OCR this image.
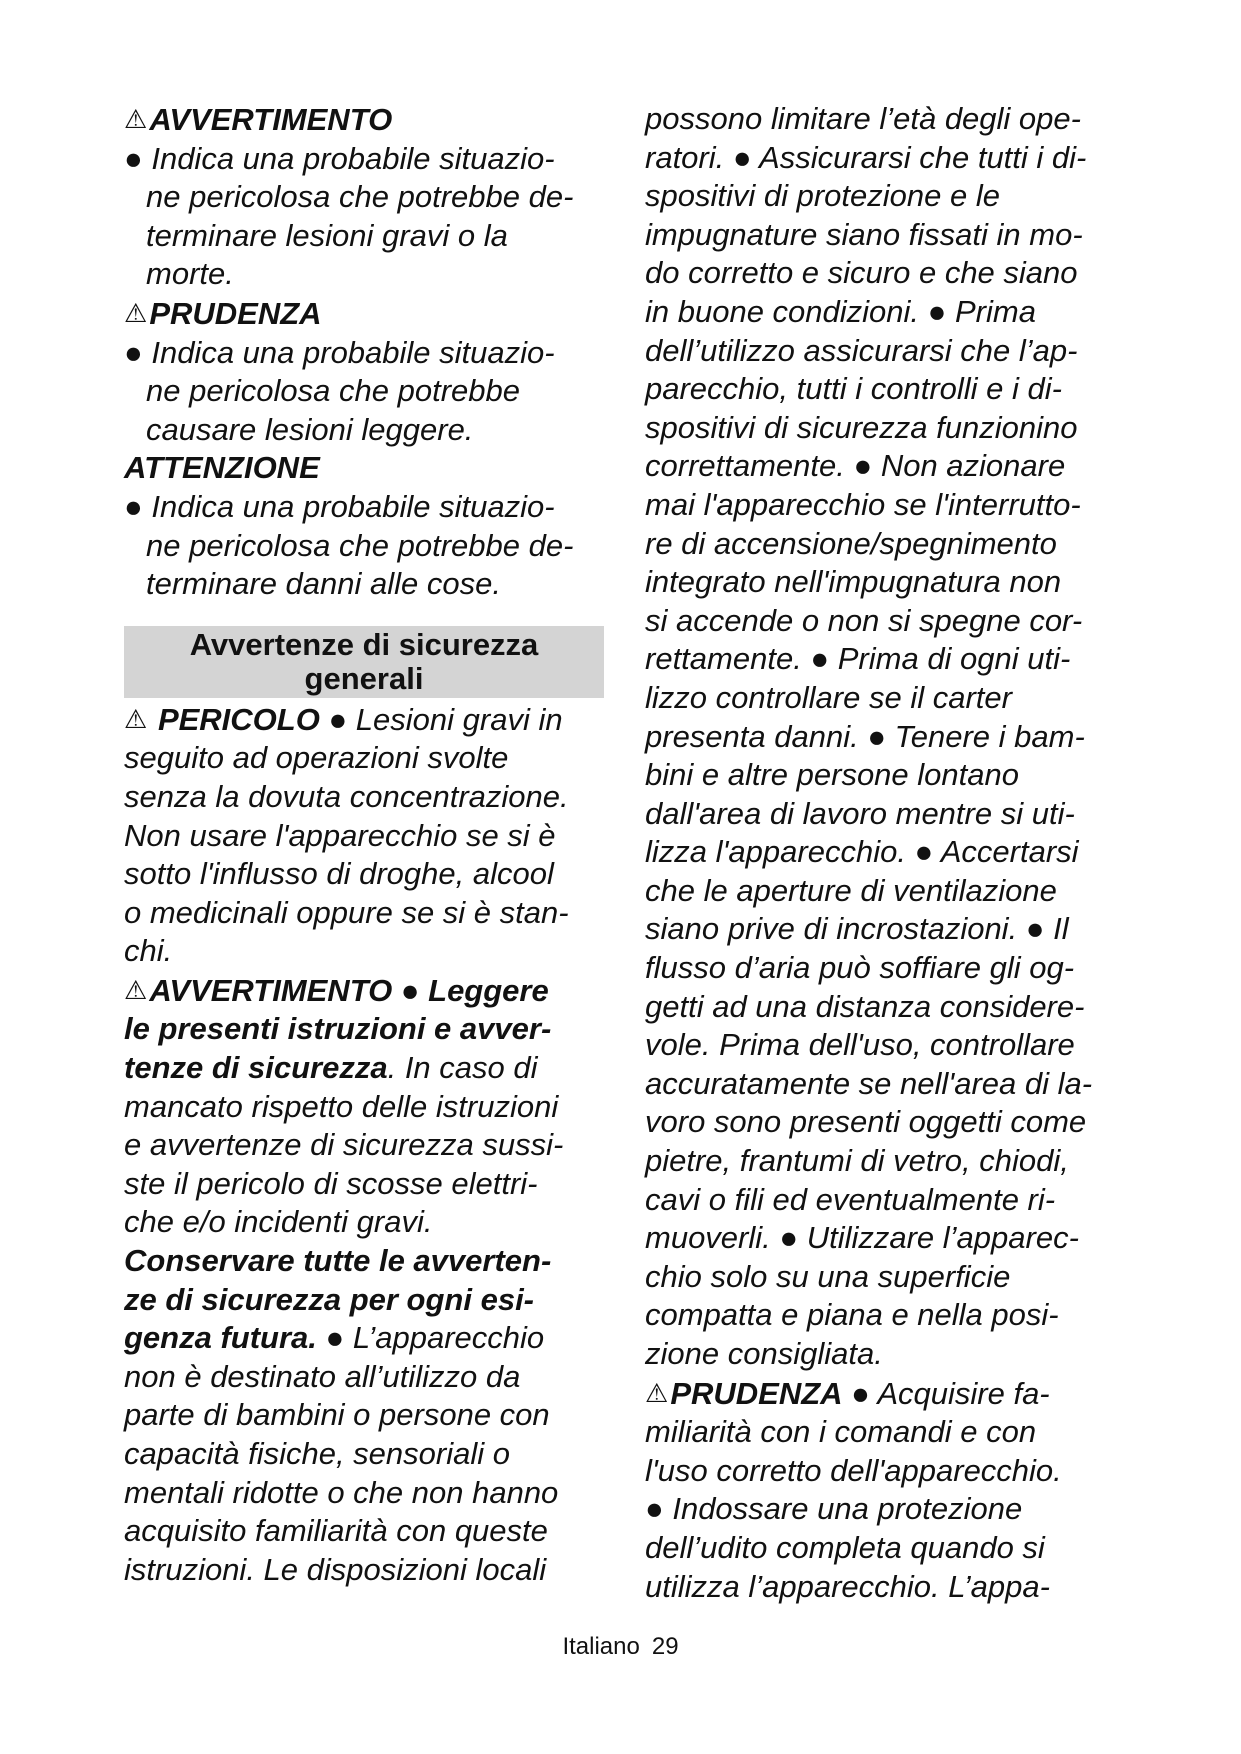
⚠AVVERTIMENTO
● Indica una probabile situazio-
ne pericolosa che potrebbe de-
terminare lesioni gravi o la
morte.
⚠PRUDENZA
● Indica una probabile situazio-
ne pericolosa che potrebbe
causare lesioni leggere.
ATTENZIONE
● Indica una probabile situazio-
ne pericolosa che potrebbe de-
terminare danni alle cose.
Avvertenze di sicurezza
generali
⚠ PERICOLO ● Lesioni gravi in
seguito ad operazioni svolte
senza la dovuta concentrazione.
Non usare l'apparecchio se si è
sotto l'influsso di droghe, alcool
o medicinali oppure se si è stan-
chi.
⚠AVVERTIMENTO ● Leggere
le presenti istruzioni e avver-
tenze di sicurezza. In caso di
mancato rispetto delle istruzioni
e avvertenze di sicurezza sussi-
ste il pericolo di scosse elettri-
che e/o incidenti gravi.
Conservare tutte le avverten-
ze di sicurezza per ogni esi-
genza futura. ● L’apparecchio
non è destinato all’utilizzo da
parte di bambini o persone con
capacità fisiche, sensoriali o
mentali ridotte o che non hanno
acquisito familiarità con queste
istruzioni. Le disposizioni locali
possono limitare l’età degli ope-
ratori. ● Assicurarsi che tutti i di-
spositivi di protezione e le
impugnature siano fissati in mo-
do corretto e sicuro e che siano
in buone condizioni. ● Prima
dell’utilizzo assicurarsi che l’ap-
parecchio, tutti i controlli e i di-
spositivi di sicurezza funzionino
correttamente. ● Non azionare
mai l'apparecchio se l'interrutto-
re di accensione/spegnimento
integrato nell'impugnatura non
si accende o non si spegne cor-
rettamente. ● Prima di ogni uti-
lizzo controllare se il carter
presenta danni. ● Tenere i bam-
bini e altre persone lontano
dall'area di lavoro mentre si uti-
lizza l'apparecchio. ● Accertarsi
che le aperture di ventilazione
siano prive di incrostazioni. ● Il
flusso d’aria può soffiare gli og-
getti ad una distanza considere-
vole. Prima dell'uso, controllare
accuratamente se nell'area di la-
voro sono presenti oggetti come
pietre, frantumi di vetro, chiodi,
cavi o fili ed eventualmente ri-
muoverli. ● Utilizzare l’apparec-
chio solo su una superficie
compatta e piana e nella posi-
zione consigliata.
⚠PRUDENZA ● Acquisire fa-
miliarità con i comandi e con
l'uso corretto dell'apparecchio.
● Indossare una protezione
dell’udito completa quando si
utilizza l’apparecchio. L’appa-
Italiano 29
